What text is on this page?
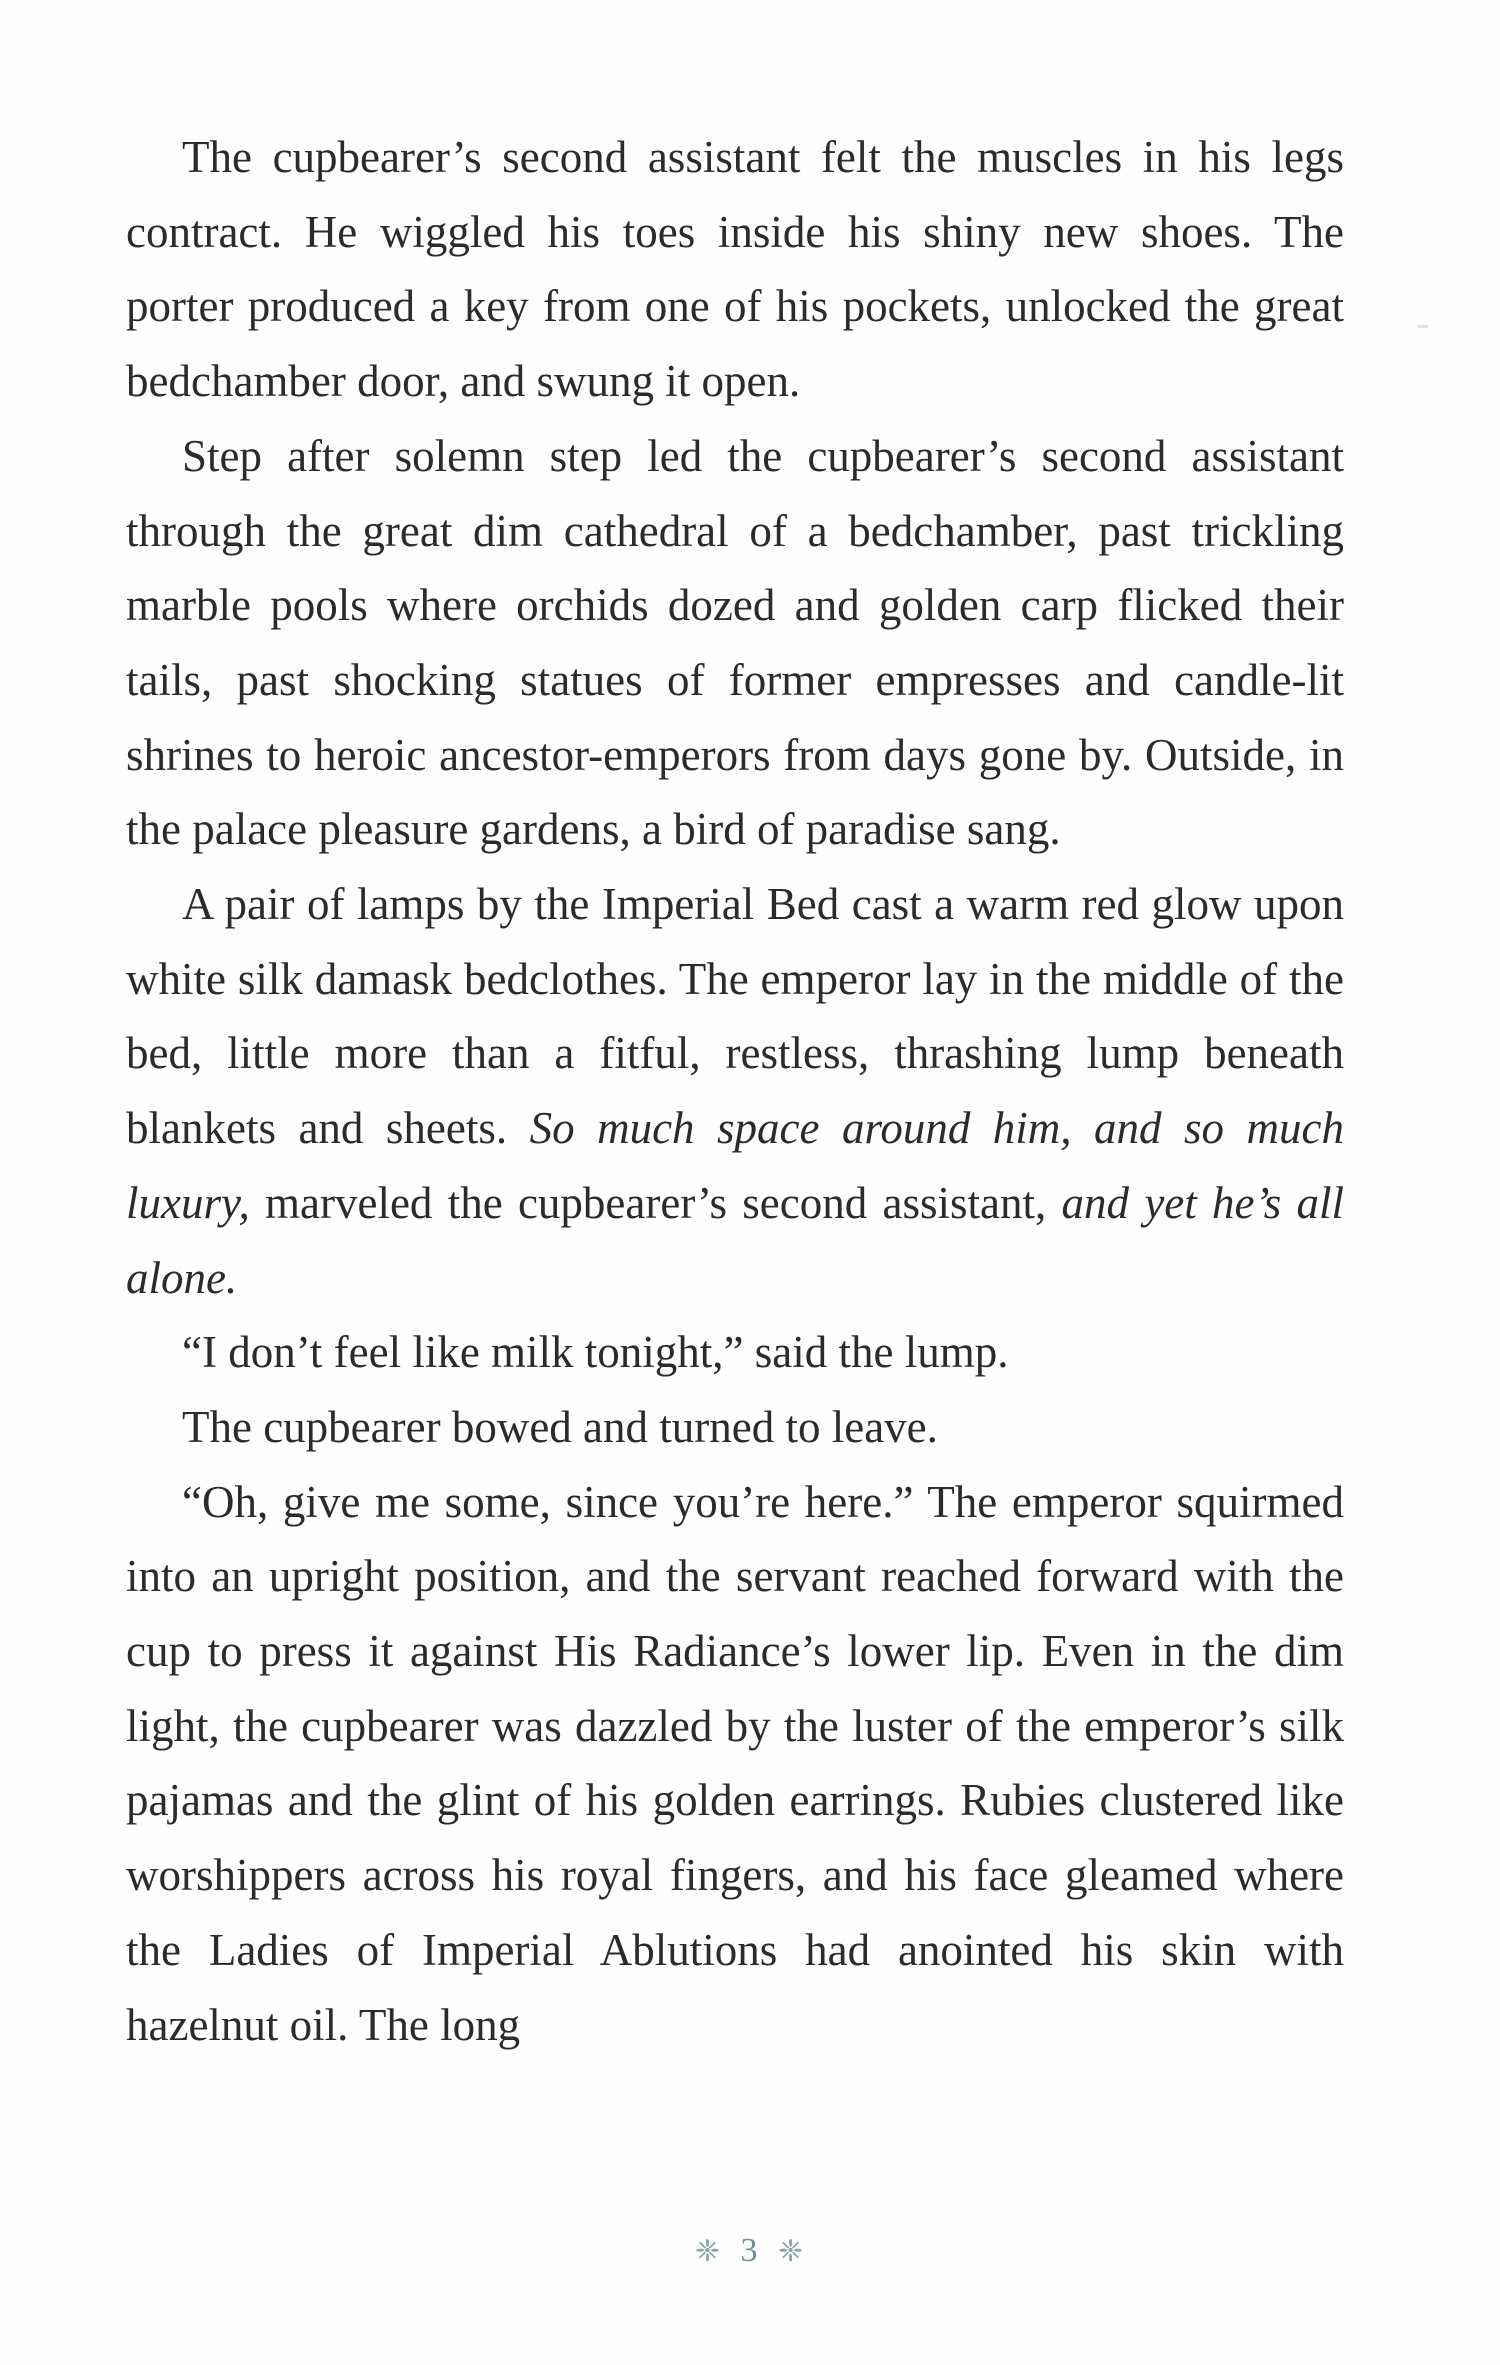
The cupbearer’s second assistant felt the muscles in his legs contract. He wiggled his toes inside his shiny new shoes. The porter produced a key from one of his pockets, unlocked the great bedchamber door, and swung it open.

Step after solemn step led the cupbearer’s second assistant through the great dim cathedral of a bedchamber, past trickling marble pools where orchids dozed and golden carp flicked their tails, past shocking statues of former empresses and candle-lit shrines to heroic ancestor-emperors from days gone by. Outside, in the palace pleasure gardens, a bird of paradise sang.

A pair of lamps by the Imperial Bed cast a warm red glow upon white silk damask bedclothes. The emperor lay in the middle of the bed, little more than a fitful, restless, thrashing lump beneath blankets and sheets. So much space around him, and so much luxury, marveled the cupbearer’s second assistant, and yet he’s all alone.

“I don’t feel like milk tonight,” said the lump.

The cupbearer bowed and turned to leave.

“Oh, give me some, since you’re here.” The emperor squirmed into an upright position, and the servant reached forward with the cup to press it against His Radiance’s lower lip. Even in the dim light, the cupbearer was dazzled by the luster of the emperor’s silk pajamas and the glint of his golden earrings. Rubies clustered like worshippers across his royal fingers, and his face gleamed where the Ladies of Imperial Ablutions had anointed his skin with hazelnut oil. The long

❈ 3 ❈
